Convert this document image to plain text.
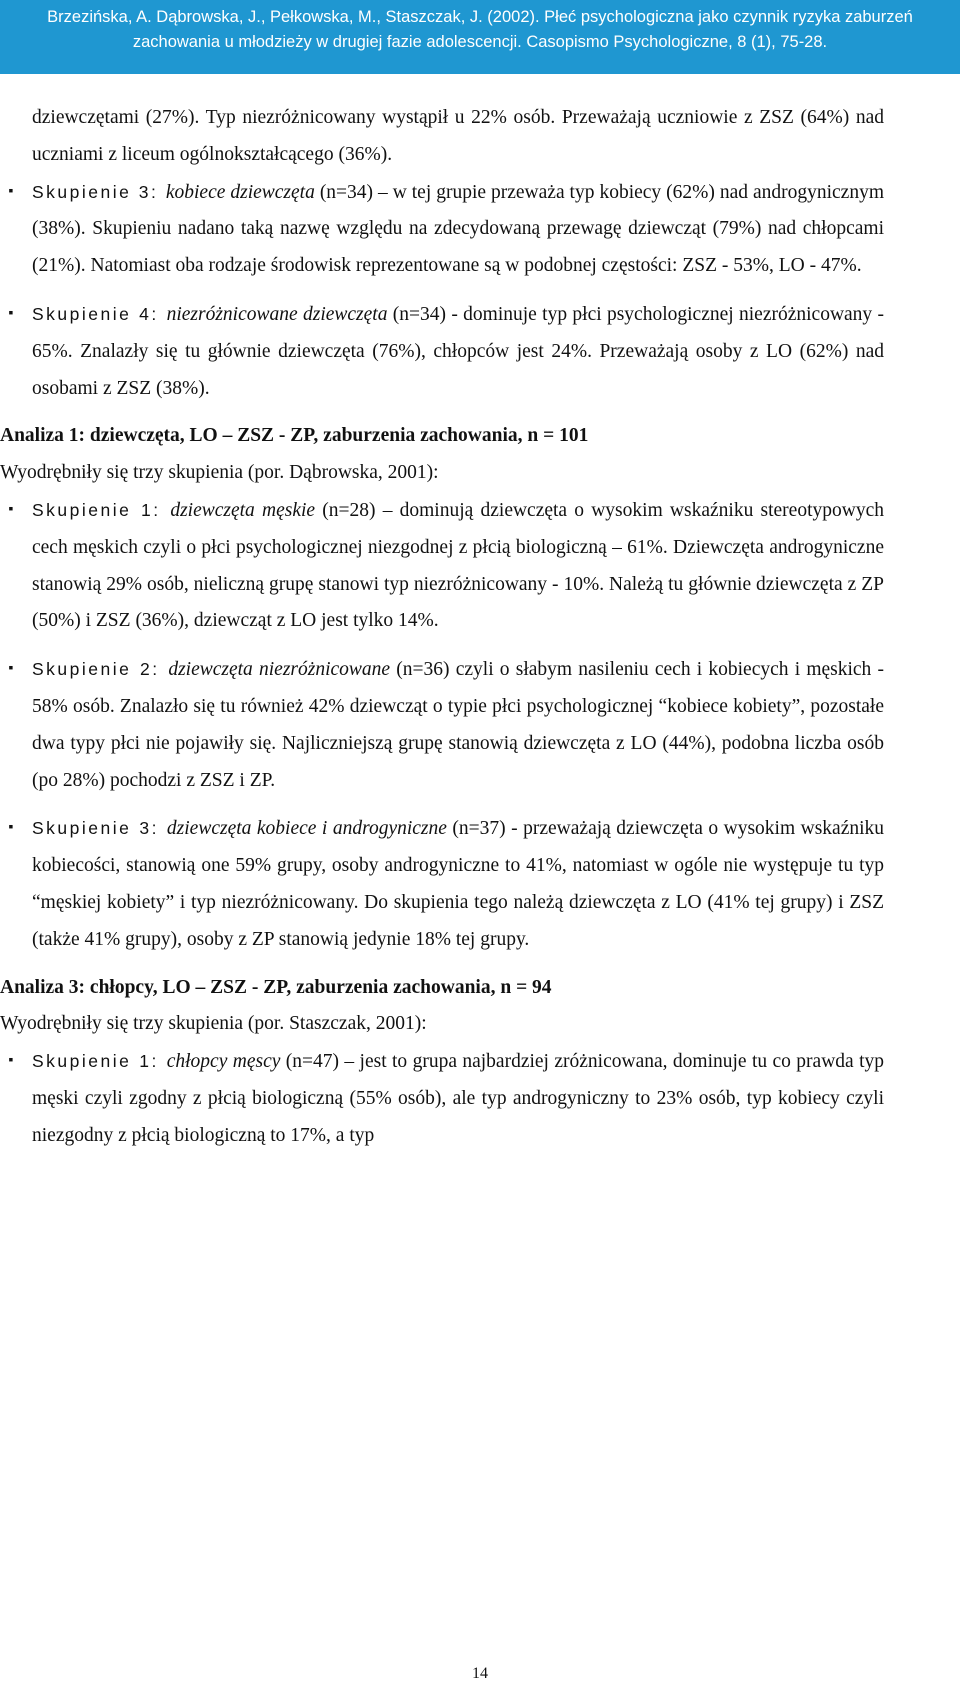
Brzezińska, A. Dąbrowska, J., Pełkowska, M., Staszczak, J. (2002). Płeć psychologiczna jako czynnik ryzyka zaburzeń
zachowania u młodzieży w drugiej fazie adolescencji. Casopismo Psychologiczne, 8 (1), 75-28.

dziewczętami (27%). Typ niezróżnicowany wystąpił u 22% osób. Przeważają uczniowie z ZSZ (64%) nad uczniami z liceum ogólnokształcącego (36%).

▪	Skupienie 3: kobiece dziewczęta (n=34) – w tej grupie przeważa typ kobiecy (62%) nad androgynicznym (38%). Skupieniu nadano taką nazwę względu na zdecydowaną przewagę dziewcząt (79%) nad chłopcami (21%). Natomiast oba rodzaje środowisk reprezentowane są w podobnej częstości: ZSZ - 53%, LO - 47%.
▪	Skupienie 4: niezróżnicowane dziewczęta (n=34) - dominuje typ płci psychologicznej niezróżnicowany - 65%. Znalazły się tu głównie dziewczęta (76%), chłopców jest 24%. Przeważają osoby z LO (62%) nad osobami z ZSZ (38%).

Analiza 1: dziewczęta, LO – ZSZ - ZP, zaburzenia zachowania, n = 101

Wyodrębniły się trzy skupienia (por. Dąbrowska, 2001):

▪	Skupienie 1: dziewczęta męskie (n=28) – dominują dziewczęta o wysokim wskaźniku stereotypowych cech męskich czyli o płci psychologicznej niezgodnej z płcią biologiczną – 61%. Dziewczęta androgyniczne stanowią 29% osób, nieliczną grupę stanowi typ niezróżnicowany - 10%. Należą tu głównie dziewczęta z ZP (50%) i ZSZ (36%), dziewcząt z LO jest tylko 14%.
▪	Skupienie 2: dziewczęta niezróżnicowane (n=36) czyli o słabym nasileniu cech i kobiecych i męskich - 58% osób. Znalazło się tu również 42% dziewcząt o typie płci psychologicznej “kobiece kobiety”, pozostałe dwa typy płci nie pojawiły się. Najliczniejszą grupę stanowią dziewczęta z LO (44%), podobna liczba osób (po 28%) pochodzi z ZSZ i ZP.
▪	Skupienie 3: dziewczęta kobiece i androgyniczne (n=37) - przeważają dziewczęta o wysokim wskaźniku kobiecości, stanowią one 59% grupy, osoby androgyniczne to 41%, natomiast w ogóle nie występuje tu typ “męskiej kobiety” i typ niezróżnicowany. Do skupienia tego należą dziewczęta z LO (41% tej grupy) i ZSZ (także 41% grupy), osoby z ZP stanowią jedynie 18% tej grupy.

Analiza 3: chłopcy, LO – ZSZ - ZP, zaburzenia zachowania, n = 94

Wyodrębniły się trzy skupienia (por. Staszczak, 2001):

▪	Skupienie 1: chłopcy męscy (n=47) – jest to grupa najbardziej zróżnicowana, dominuje tu co prawda typ męski czyli zgodny z płcią biologiczną (55% osób), ale typ androgyniczny to 23% osób, typ kobiecy czyli niezgodny z płcią biologiczną to 17%, a typ
14
